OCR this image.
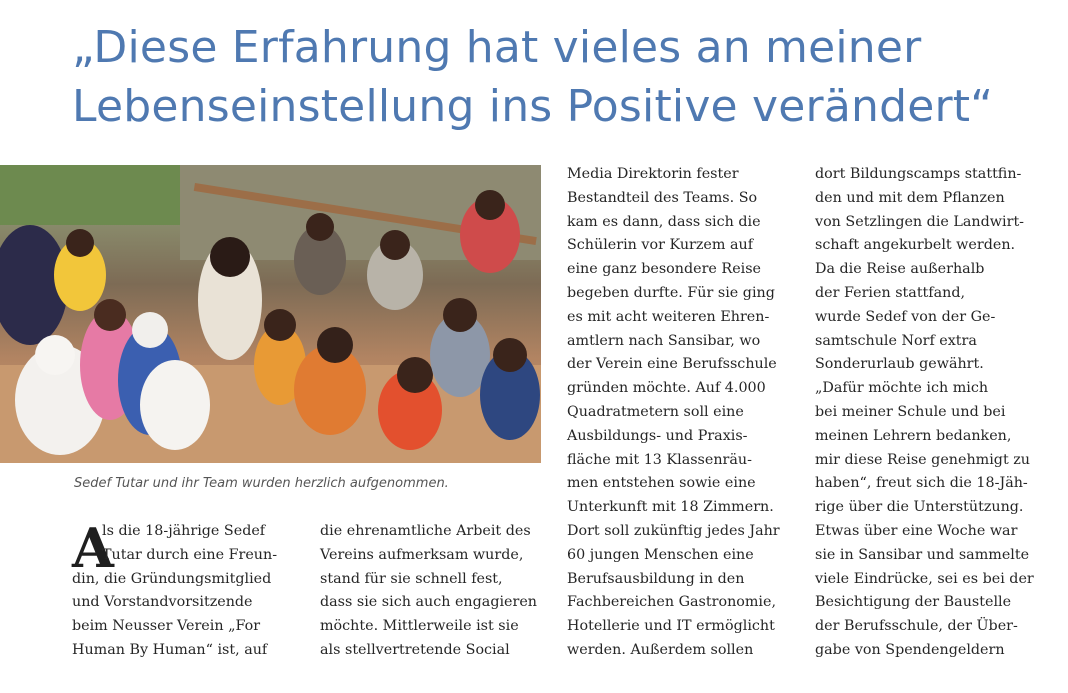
„Diese Erfahrung hat vieles an meiner
Lebenseinstellung ins Positive verändert“
Sedef Tutar und ihr Team wurden herzlich aufgenommen.
A
ls die 18-jährige Sedef
Tutar durch eine Freun-
din, die Gründungsmitglied
und Vorstandvorsitzende
beim Neusser Verein „For
Human By Human“ ist, auf
die ehrenamtliche Arbeit des
Vereins aufmerksam wurde,
stand für sie schnell fest,
dass sie sich auch engagieren
möchte. Mittlerweile ist sie
als stellvertretende Social
Media Direktorin fester
Bestandteil des Teams. So
kam es dann, dass sich die
Schülerin vor Kurzem auf
eine ganz besondere Reise
begeben durfte. Für sie ging
es mit acht weiteren Ehren-
amtlern nach Sansibar, wo
der Verein eine Berufsschule
gründen möchte. Auf 4.000
Quadratmetern soll eine
Ausbildungs- und Praxis-
fläche mit 13 Klassenräu-
men entstehen sowie eine
Unterkunft mit 18 Zimmern.
Dort soll zukünftig jedes Jahr
60 jungen Menschen eine
Berufsausbildung in den
Fachbereichen Gastronomie,
Hotellerie und IT ermöglicht
werden. Außerdem sollen
dort Bildungscamps stattfin-
den und mit dem Pflanzen
von Setzlingen die Landwirt-
schaft angekurbelt werden.
Da die Reise außerhalb
der Ferien stattfand,
wurde Sedef von der Ge-
samtschule Norf extra
Sonderurlaub gewährt.
„Dafür möchte ich mich
bei meiner Schule und bei
meinen Lehrern bedanken,
mir diese Reise genehmigt zu
haben“, freut sich die 18-Jäh-
rige über die Unterstützung.
Etwas über eine Woche war
sie in Sansibar und sammelte
viele Eindrücke, sei es bei der
Besichtigung der Baustelle
der Berufsschule, der Über-
gabe von Spendengeldern
